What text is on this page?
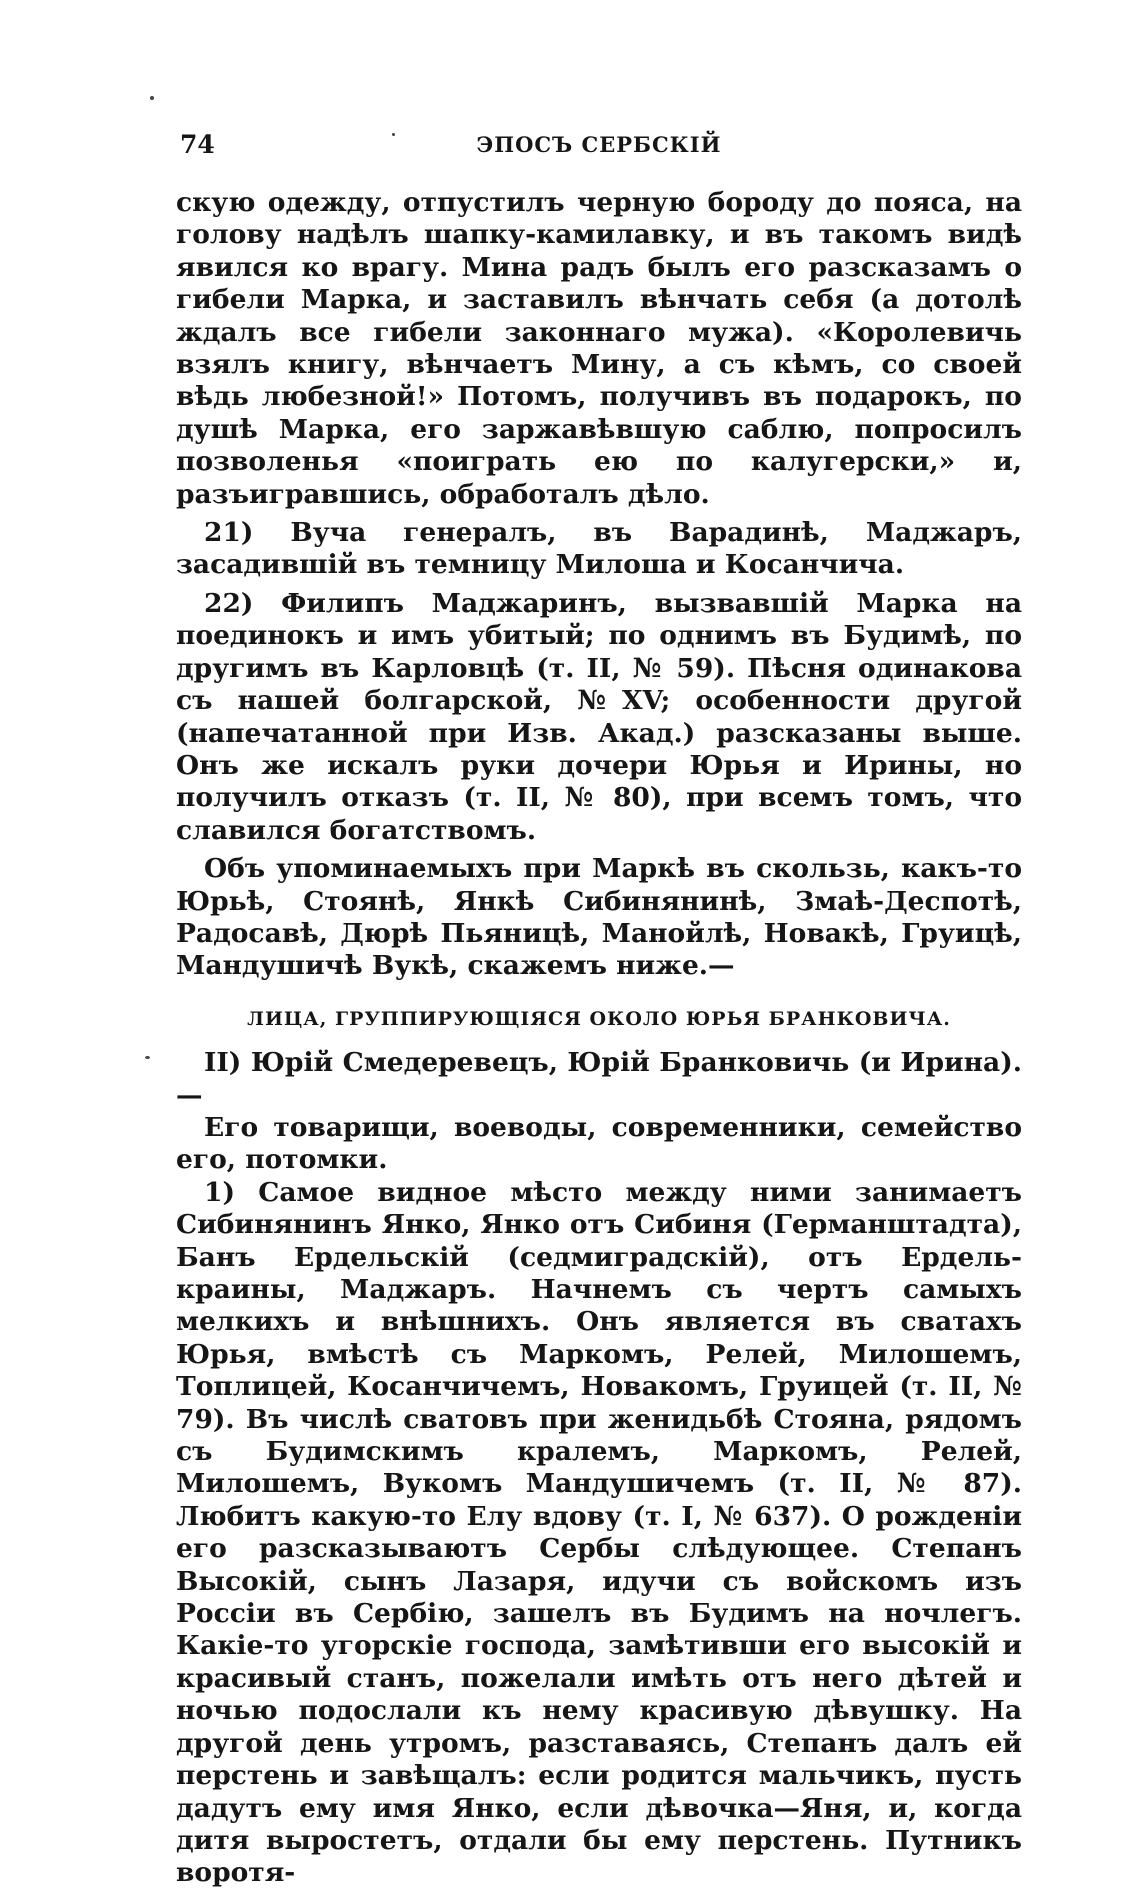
74	ЭПОСЪ СЕРБСКІЙ

скую одежду, отпустилъ черную бороду до пояса, на голову надѣлъ шапку-камилавку, и въ такомъ видѣ явился ко врагу. Мина радъ былъ его разсказамъ о гибели Марка, и заставилъ вѣнчать себя (а дотолѣ ждалъ все гибели законнаго мужа). «Королевичь взялъ книгу, вѣнчаетъ Мину, а съ кѣмъ, со своей вѣдь любезной!» Потомъ, получивъ въ подарокъ, по душѣ Марка, его заржавѣвшую саблю, попросилъ позволенья «поиграть ею по калугерски,» и, разъигравшись, обработалъ дѣло.

21) Вуча генералъ, въ Варадинѣ, Маджаръ, засадившій въ темницу Милоша и Косанчича.

22) Филипъ Маджаринъ, вызвавшій Марка на поединокъ и имъ убитый; по однимъ въ Будимѣ, по другимъ въ Карловцѣ (т. II, № 59). Пѣсня одинакова съ нашей болгарской, №XV; особенности другой (напечатанной при Изв. Акад.) разсказаны выше. Онъ же искалъ руки дочери Юрья и Ирины, но получилъ отказъ (т. II, № 80), при всемъ томъ, что славился богатствомъ.

Объ упоминаемыхъ при Маркѣ въ скользь, какъ-то Юрьѣ, Стоянѣ, Янкѣ Сибинянинѣ, Змаѣ-Деспотѣ, Радосавѣ, Дюрѣ Пьяницѣ, Манойлѣ, Новакѣ, Груицѣ, Мандушичѣ Вукѣ, скажемъ ниже.—

ЛИЦА, ГРУППИРУЮЩІЯСЯ ОКОЛО ЮРЬЯ БРАНКОВИЧА.

II) Юрій Смедеревецъ, Юрій Бранковичь (и Ирина).—

Его товарищи, воеводы, современники, семейство его, потомки.

1) Самое видное мѣсто между ними занимаетъ Сибинянинъ Янко, Янко отъ Сибиня (Германштадта), Банъ Ердельскій (седмиградскій), отъ Ердель-краины, Маджаръ. Начнемъ съ чертъ самыхъ мелкихъ и внѣшнихъ. Онъ является въ сватахъ Юрья, вмѣстѣ съ Маркомъ, Релей, Милошемъ, Топлицей, Косанчичемъ, Новакомъ, Груицей (т. II, № 79). Въ числѣ сватовъ при женидьбѣ Стояна, рядомъ съ Будимскимъ кралемъ, Маркомъ, Релей, Милошемъ, Вукомъ Мандушичемъ (т. II, № 87). Любитъ какую-то Елу вдову (т. I, № 637). О рожденіи его разсказываютъ Сербы слѣдующее. Степанъ Высокій, сынъ Лазаря, идучи съ войскомъ изъ Россіи въ Сербію, зашелъ въ Будимъ на ночлегъ. Какіе-то угорскіе господа, замѣтивши его высокій и красивый станъ, пожелали имѣть отъ него дѣтей и ночью подослали къ нему красивую дѣвушку. На другой день утромъ, разставаясь, Степанъ далъ ей перстень и завѣщалъ: если родится мальчикъ, пусть дадутъ ему имя Янко, если дѣвочка—Яня, и, когда дитя выростетъ, отдали бы ему перстень. Путникъ воротя-
